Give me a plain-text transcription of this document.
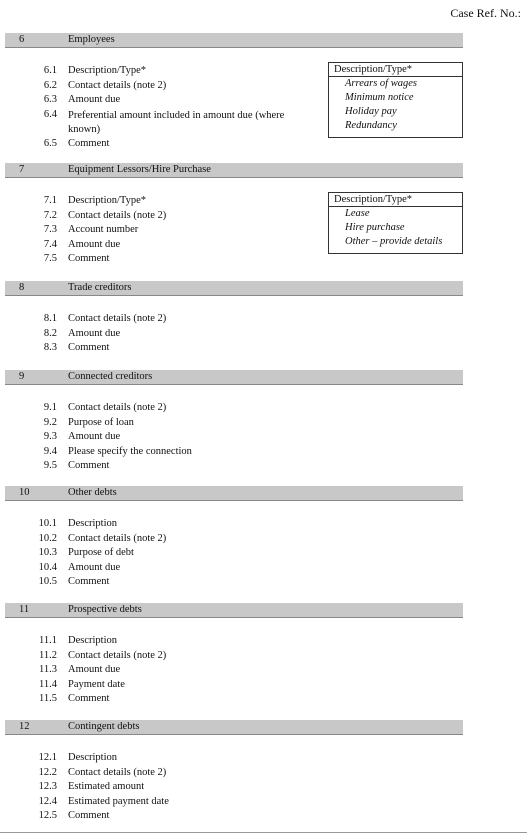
Case Ref. No.:
6	Employees
6.1 Description/Type*
6.2 Contact details (note 2)
6.3 Amount due
6.4 Preferential amount included in amount due (where known)
6.5 Comment
Description/Type*
Arrears of wages
Minimum notice
Holiday pay
Redundancy
7	Equipment Lessors/Hire Purchase
7.1 Description/Type*
7.2 Contact details (note 2)
7.3 Account number
7.4 Amount due
7.5 Comment
Description/Type*
Lease
Hire purchase
Other – provide details
8	Trade creditors
8.1 Contact details (note 2)
8.2 Amount due
8.3 Comment
9	Connected creditors
9.1 Contact details (note 2)
9.2 Purpose of loan
9.3 Amount due
9.4 Please specify the connection
9.5 Comment
10	Other debts
10.1 Description
10.2 Contact details (note 2)
10.3 Purpose of debt
10.4 Amount due
10.5 Comment
11	Prospective debts
11.1 Description
11.2 Contact details (note 2)
11.3 Amount due
11.4 Payment date
11.5 Comment
12	Contingent debts
12.1 Description
12.2 Contact details (note 2)
12.3 Estimated amount
12.4 Estimated payment date
12.5 Comment
